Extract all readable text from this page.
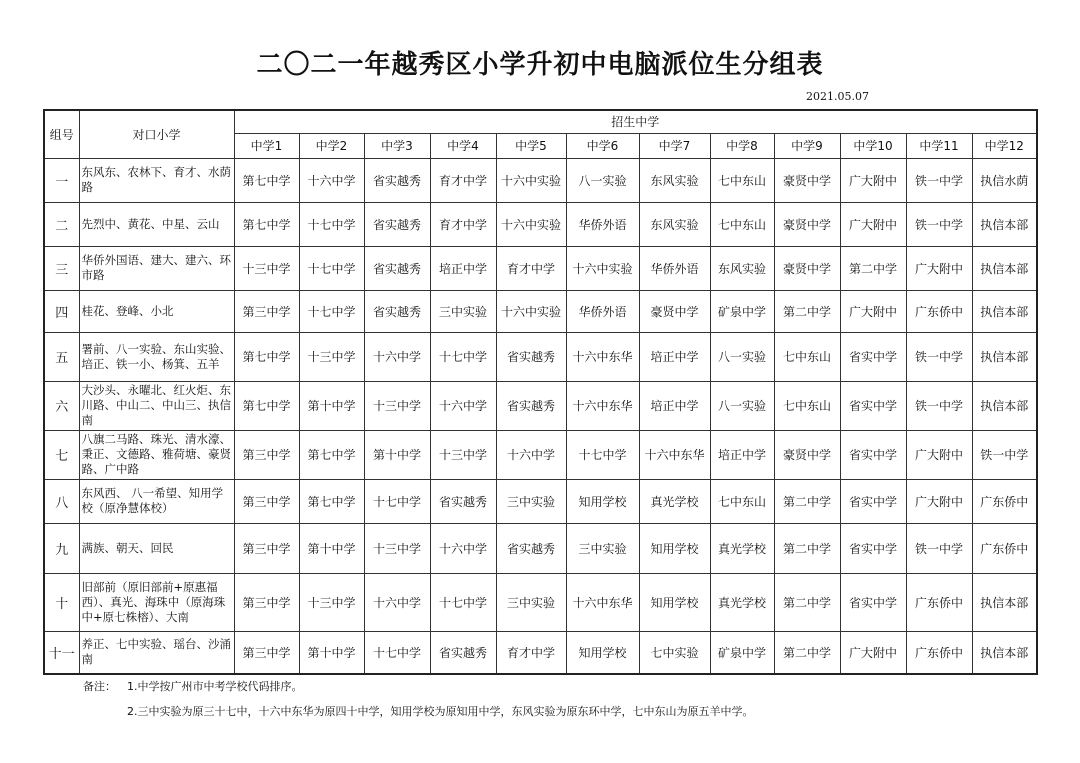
二〇二一年越秀区小学升初中电脑派位生分组表
2021.05.07
组号	对口小学	招生中学											
		中学1	中学2	中学3	中学4	中学5	中学6	中学7	中学8	中学9	中学10	中学11	中学12
一	东风东、农林下、育才、水荫路	第七中学	十六中学	省实越秀	育才中学	十六中实验	八一实验	东风实验	七中东山	豪贤中学	广大附中	铁一中学	执信水荫
二	先烈中、黄花、中星、云山	第七中学	十七中学	省实越秀	育才中学	十六中实验	华侨外语	东风实验	七中东山	豪贤中学	广大附中	铁一中学	执信本部
三	华侨外国语、建大、建六、环市路	十三中学	十七中学	省实越秀	培正中学	育才中学	十六中实验	华侨外语	东风实验	豪贤中学	第二中学	广大附中	执信本部
四	桂花、登峰、小北	第三中学	十七中学	省实越秀	三中实验	十六中实验	华侨外语	豪贤中学	矿泉中学	第二中学	广大附中	广东侨中	执信本部
五	署前、八一实验、东山实验、培正、铁一小、杨箕、五羊	第七中学	十三中学	十六中学	十七中学	省实越秀	十六中东华	培正中学	八一实验	七中东山	省实中学	铁一中学	执信本部
六	大沙头、永曜北、红火炬、东川路、中山二、中山三、执信南	第七中学	第十中学	十三中学	十六中学	省实越秀	十六中东华	培正中学	八一实验	七中东山	省实中学	铁一中学	执信本部
七	八旗二马路、珠光、清水濠、秉正、文德路、雅荷塘、豪贤路、广中路	第三中学	第七中学	第十中学	十三中学	十六中学	十七中学	十六中东华	培正中学	豪贤中学	省实中学	广大附中	铁一中学
八	东风西、 八一希望、知用学校（原净慧体校）	第三中学	第七中学	十七中学	省实越秀	三中实验	知用学校	真光学校	七中东山	第二中学	省实中学	广大附中	广东侨中
九	满族、朝天、回民	第三中学	第十中学	十三中学	十六中学	省实越秀	三中实验	知用学校	真光学校	第二中学	省实中学	铁一中学	广东侨中
十	旧部前（原旧部前+原惠福西）、真光、海珠中（原海珠中+原七株榕）、大南	第三中学	十三中学	十六中学	十七中学	三中实验	十六中东华	知用学校	真光学校	第二中学	省实中学	广东侨中	执信本部
十一	养正、七中实验、瑶台、沙涌南	第三中学	第十中学	十七中学	省实越秀	育才中学	知用学校	七中实验	矿泉中学	第二中学	广大附中	广东侨中	执信本部
备注： 1.中学按广州市中考学校代码排序。
2.三中实验为原三十七中，十六中东华为原四十中学，知用学校为原知用中学，东风实验为原东环中学，七中东山为原五羊中学。
